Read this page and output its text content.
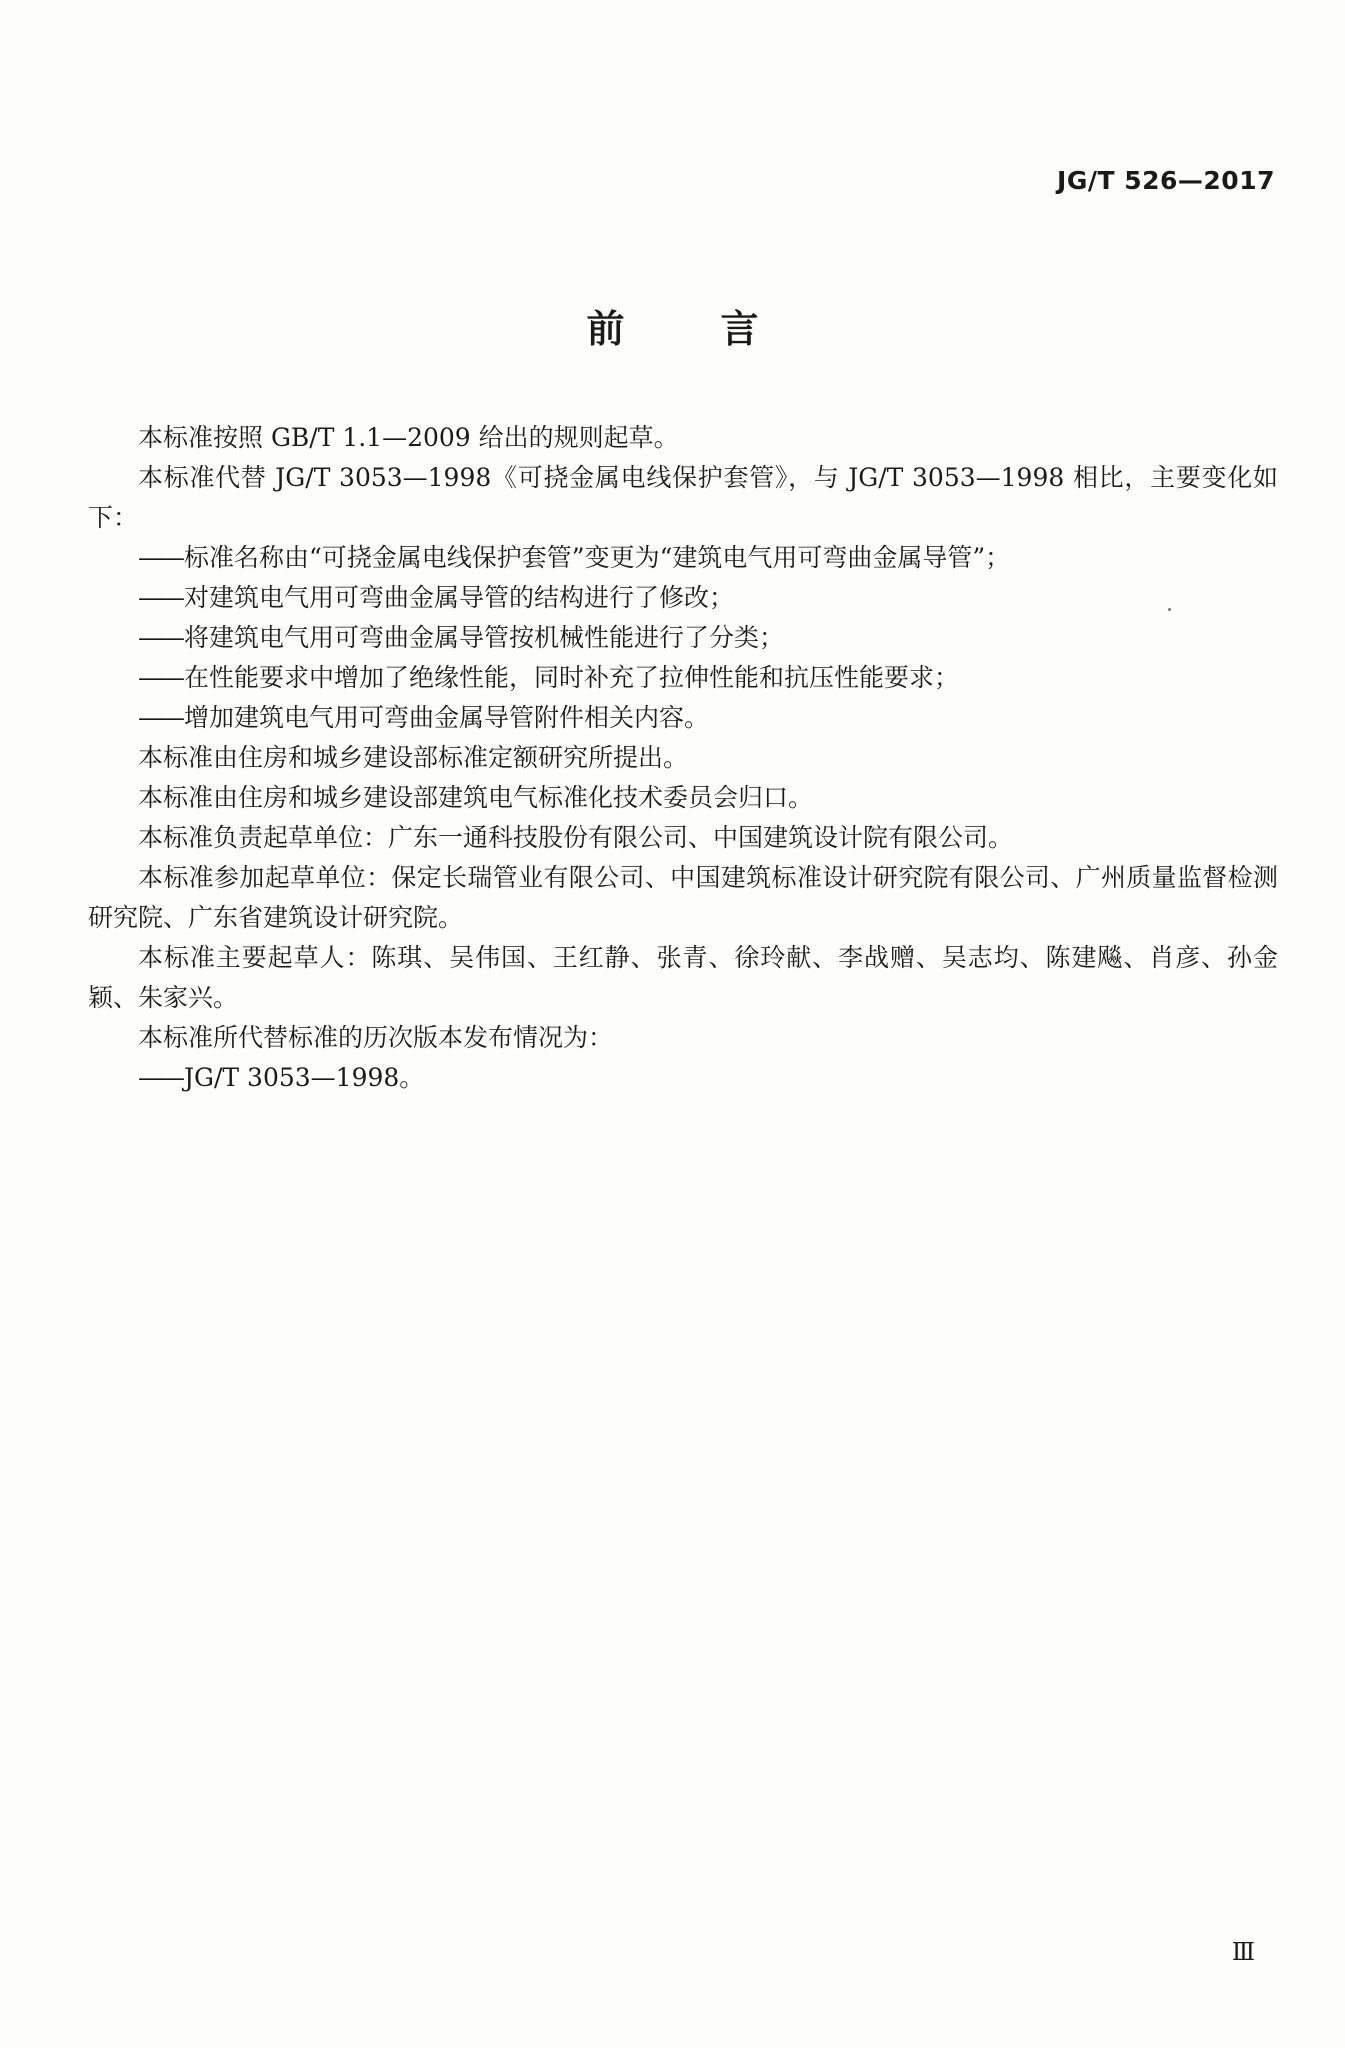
JG/T 526—2017
前言

本标准按照 GB/T 1.1—2009 给出的规则起草。

本标准代替 JG/T 3053—1998《可挠金属电线保护套管》，与 JG/T 3053—1998 相比，主要变化如下：

——标准名称由“可挠金属电线保护套管”变更为“建筑电气用可弯曲金属导管”；

——对建筑电气用可弯曲金属导管的结构进行了修改；

——将建筑电气用可弯曲金属导管按机械性能进行了分类；

——在性能要求中增加了绝缘性能，同时补充了拉伸性能和抗压性能要求；

——增加建筑电气用可弯曲金属导管附件相关内容。

本标准由住房和城乡建设部标准定额研究所提出。

本标准由住房和城乡建设部建筑电气标准化技术委员会归口。

本标准负责起草单位：广东一通科技股份有限公司、中国建筑设计院有限公司。

本标准参加起草单位：保定长瑞管业有限公司、中国建筑标准设计研究院有限公司、广州质量监督检测研究院、广东省建筑设计研究院。

本标准主要起草人：陈琪、吴伟国、王红静、张青、徐玲献、李战赠、吴志均、陈建飚、肖彦、孙金颖、朱家兴。

本标准所代替标准的历次版本发布情况为：

——JG/T 3053—1998。

Ⅲ
